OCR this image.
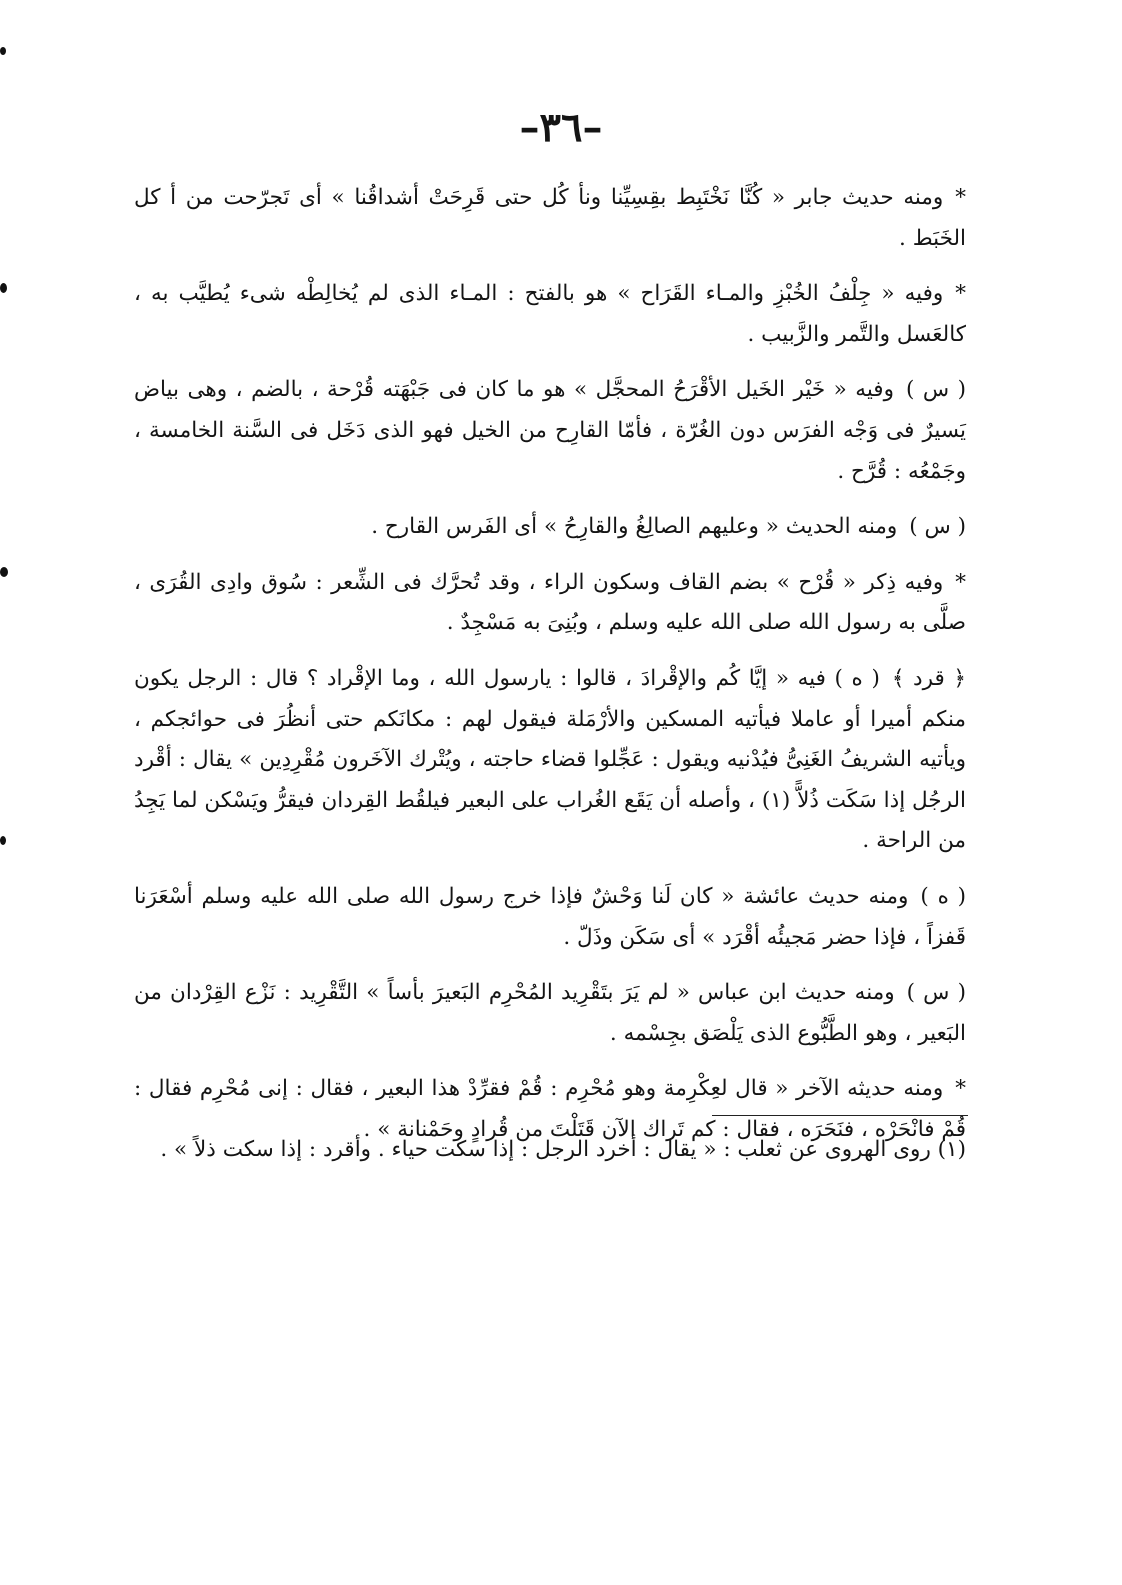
–٣٦–

*ومنه حديث جابر « كُنَّا نَخْتَبِط بقِسِيِّنا ونأ كُل حتى قَرِحَتْ أشداقُنا » أى تَجرّحت من أ كل الخَبَط .

*وفيه « جِلْفُ الخُبْزِ والمـاء القَرَاح » هو بالفتح : المـاء الذى لم يُخالِطْه شىء يُطيَّب به ، كالعَسل والتَّمر والزَّبيب .

( س )وفيه « خَيْر الخَيل الأقْرَحُ المحجَّل » هو ما كان فى جَبْهَته قُرْحة ، بالضم ، وهى بياض يَسيرٌ فى وَجْه الفرَس دون الغُرّة ، فأمّا القارِح من الخيل فهو الذى دَخَل فى السَّنة الخامسة ، وجَمْعُه : قُرَّح .

( س )ومنه الحديث « وعليهم الصالِغُ والقارِحُ » أى الفَرس القارح .

*وفيه ذِكر « قُرْح » بضم القاف وسكون الراء ، وقد تُحرَّك فى الشِّعر : سُوق وادِى القُرَى ، صلَّى به رسول الله صلى الله عليه وسلم ، وبُنِىَ به مَسْجِدٌ .

﴿ قرد ﴾( ه ) فيه « إيَّا كُم والإقْرادَ ، قالوا : يارسول الله ، وما الإقْراد ؟ قال : الرجل يكون منكم أميرا أو عاملا فيأتيه المسكين والأرْمَلة فيقول لهم : مكانَكم حتى أنظُرَ فى حوائجكم ، ويأتيه الشريفُ الغَنِىُّ فيُدْنيه ويقول : عَجِّلوا قضاء حاجته ، ويُتْرك الآخَرون مُقْرِدِين » يقال : أقْرد الرجُل إذا سَكَت ذُلاًّ (١) ، وأصله أن يَقَع الغُراب على البعير فيلقُط القِردان فيقرُّ ويَسْكن لما يَجِدُ من الراحة .

( ه )ومنه حديث عائشة « كان لَنا وَحْشٌ فإذا خرج رسول الله صلى الله عليه وسلم أسْعَرَنا قَفزاً ، فإذا حضر مَجيئُه أقْرَد » أى سَكَن وذَلّ .

( س )ومنه حديث ابن عباس « لم يَرَ بتَقْرِيد المُحْرِم البَعيرَ بأساً » التَّقْرِيد : نَزْع القِرْدان من البَعير ، وهو الطَّبُّوع الذى يَلْصَق بجِسْمه .

*ومنه حديثه الآخر « قال لعِكْرِمة وهو مُحْرِم : قُمْ فقرِّدْ هذا البعير ، فقال : إنى مُحْرِم فقال : قُمْ فانْحَرْه ، فنَحَرَه ، فقال : كم تَراك الآن قَتَلْتَ من قُرادٍ وحَمْنانة » .

(١) روى الهروى عن ثعلب : « يقال : أخرد الرجل : إذا سكت حياء . وأقرد : إذا سكت ذلاً » .
